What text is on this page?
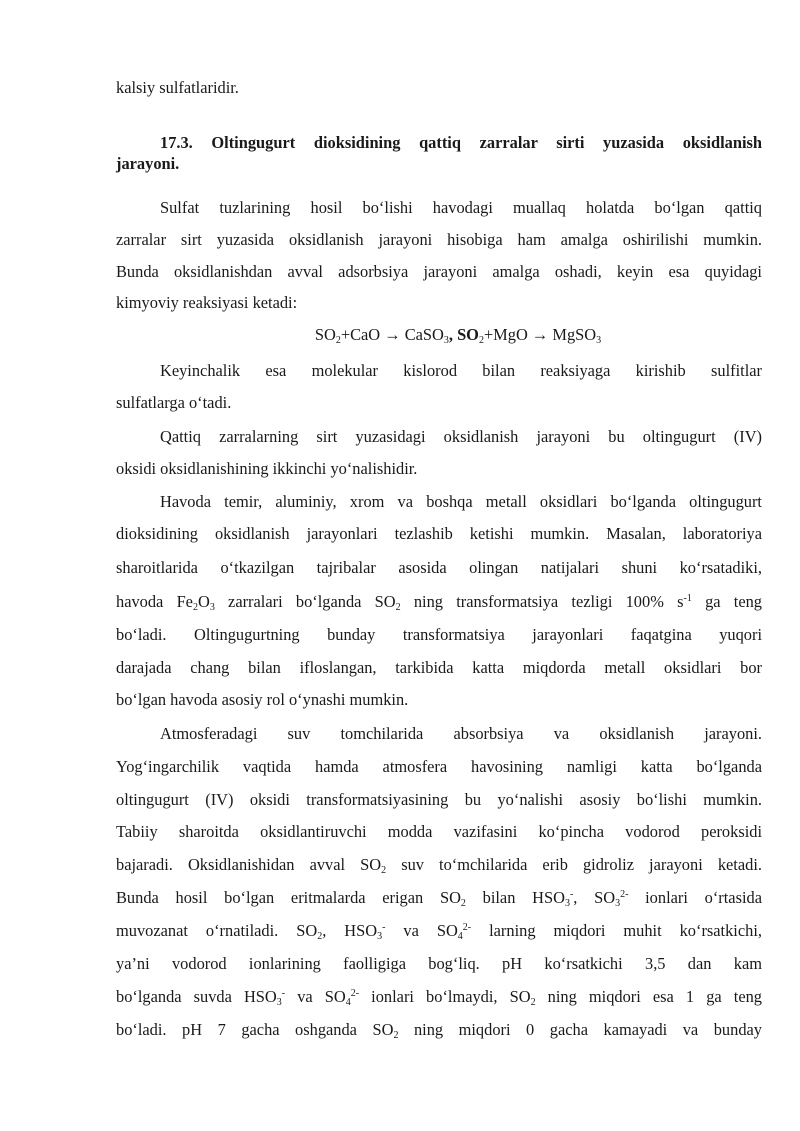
kalsiy sulfatlaridir.
17.3. Oltingugurt dioksidining qattiq zarralar sirti yuzasida oksidlanish
jarayoni.
Sulfat tuzlarining hosil bo‘lishi havodagi muallaq holatda bo‘lgan qattiq
zarralar sirt yuzasida oksidlanish jarayoni hisobiga ham amalga oshirilishi mumkin.
Bunda oksidlanishdan avval adsorbsiya jarayoni amalga oshadi, keyin esa quyidagi
kimyoviy reaksiyasi ketadi:
$SO_2+CaO$ → CaSO$_3$, $SO_2+MgO$ → MgSO$_3$
Keyinchalik esa molekular kislorod bilan reaksiyaga kirishib sulfitlar
sulfatlarga o‘tadi.
Qattiq zarralarning sirt yuzasidagi oksidlanish jarayoni bu oltingugurt (IV)
oksidi oksidlanishining ikkinchi yo‘nalishidir.
Havoda temir, aluminiy, xrom va boshqa metall oksidlari bo‘lganda oltingugurt
dioksidining oksidlanish jarayonlari tezlashib ketishi mumkin. Masalan, laboratoriya
sharoitlarida o‘tkazilgan tajribalar asosida olingan natijalari shuni ko‘rsatadiki,
havoda $Fe_2O_3$ zarralari bo‘lganda $SO_2$ ning transformatsiya tezligi 100% $s^{-1}$ ga teng
bo‘ladi. Oltingugurtning bunday transformatsiya jarayonlari faqatgina yuqori
darajada chang bilan ifloslangan, tarkibida katta miqdorda metall oksidlari bor
bo‘lgan havoda asosiy rol o‘ynashi mumkin.
Atmosferadagi suv tomchilarida absorbsiya va oksidlanish jarayoni.
Yog‘ingarchilik vaqtida hamda atmosfera havosining namligi katta bo‘lganda
oltingugurt (IV) oksidi transformatsiyasining bu yo‘nalishi asosiy bo‘lishi mumkin.
Tabiiy sharoitda oksidlantiruvchi modda vazifasini ko‘pincha vodorod peroksidi
bajaradi. Oksidlanishidan avval $SO_2$ suv to‘mchilarida erib gidroliz jarayoni ketadi.
Bunda hosil bo‘lgan eritmalarda erigan $SO_2$ bilan $HSO_3^-$, $SO_3^{2-}$ ionlari o‘rtasida
muvozanat o‘rnatiladi. $SO_2$, $HSO_3^-$ va $SO_4^{2-}$ larning miqdori muhit ko‘rsatkichi,
ya’ni vodorod ionlarining faolligiga bog‘liq. pH ko‘rsatkichi 3,5 dan kam
bo‘lganda suvda $HSO_3^-$ va $SO_4^{2-}$ ionlari bo‘lmaydi, $SO_2$ ning miqdori esa 1 ga teng
bo‘ladi. pH 7 gacha oshganda $SO_2$ ning miqdori 0 gacha kamayadi va bunday
